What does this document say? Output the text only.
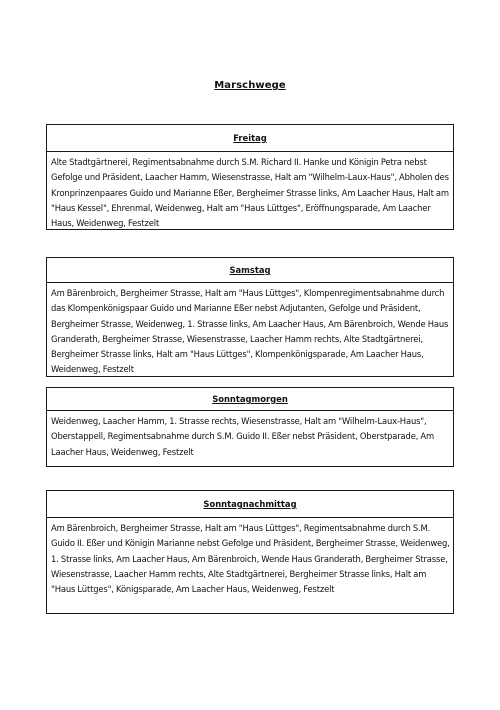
Marschwege
Freitag
Alte Stadtgärtnerei, Regimentsabnahme durch S.M. Richard II. Hanke und Königin Petra nebst Gefolge und Präsident, Laacher Hamm, Wiesenstrasse, Halt am "Wilhelm-Laux-Haus", Abholen des Kronprinzenpaares Guido und Marianne Eßer, Bergheimer Strasse links, Am Laacher Haus, Halt am "Haus Kessel", Ehrenmal, Weidenweg, Halt am "Haus Lüttges", Eröffnungsparade, Am Laacher Haus, Weidenweg, Festzelt
Samstag
Am Bärenbroich, Bergheimer Strasse, Halt am "Haus Lüttges", Klompenregimentsabnahme durch das Klompenkönigspaar Guido und Marianne Eßer nebst Adjutanten, Gefolge und Präsident, Bergheimer Strasse, Weidenweg, 1. Strasse links, Am Laacher Haus, Am Bärenbroich, Wende Haus Granderath, Bergheimer Strasse, Wiesenstrasse, Laacher Hamm rechts, Alte Stadtgärtnerei, Bergheimer Strasse links, Halt am "Haus Lüttges", Klompenkönigsparade, Am Laacher Haus, Weidenweg, Festzelt
Sonntagmorgen
Weidenweg, Laacher Hamm, 1. Strasse rechts, Wiesenstrasse, Halt am "Wilhelm-Laux-Haus", Oberstappell, Regimentsabnahme durch S.M. Guido II. Eßer nebst Präsident, Oberstparade, Am Laacher Haus, Weidenweg, Festzelt
Sonntagnachmittag
Am Bärenbroich, Bergheimer Strasse, Halt am "Haus Lüttges", Regimentsabnahme durch S.M. Guido II. Eßer und Königin Marianne nebst Gefolge und Präsident, Bergheimer Strasse, Weidenweg, 1. Strasse links, Am Laacher Haus, Am Bärenbroich, Wende Haus Granderath, Bergheimer Strasse, Wiesenstrasse, Laacher Hamm rechts, Alte Stadtgärtnerei, Bergheimer Strasse links, Halt am "Haus Lüttges", Königsparade, Am Laacher Haus, Weidenweg, Festzelt
